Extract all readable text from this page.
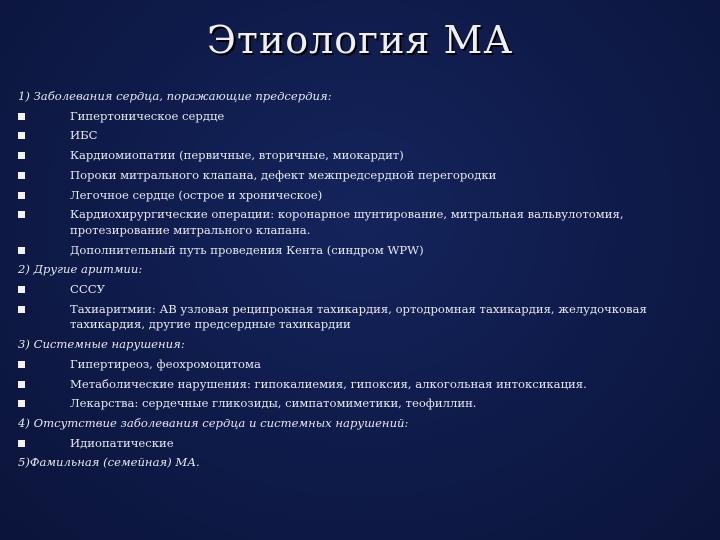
Этиология МА
1) Заболевания сердца, поражающие предсердия:
Гипертоническое сердце
ИБС
Кардиомиопатии (первичные, вторичные, миокардит)
Пороки митрального клапана, дефект межпредсердной перегородки
Легочное сердце (острое и хроническое)
Кардиохирургические операции: коронарное шунтирование, митральная вальвулотомия, протезирование митрального клапана.
Дополнительный путь проведения Кента (синдром WPW)
2) Другие аритмии:
СССУ
Тахиаритмии: АВ узловая реципрокная тахикардия, ортодромная тахикардия, желудочковая тахикардия, другие предсердные тахикардии
3) Системные нарушения:
Гипертиреоз, феохромоцитома
Метаболические нарушения: гипокалиемия, гипоксия, алкогольная интоксикация.
Лекарства: сердечные гликозиды, симпатомиметики, теофиллин.
4) Отсутствие заболевания сердца и системных нарушений:
Идиопатические
5)Фамильная (семейная) МА.
